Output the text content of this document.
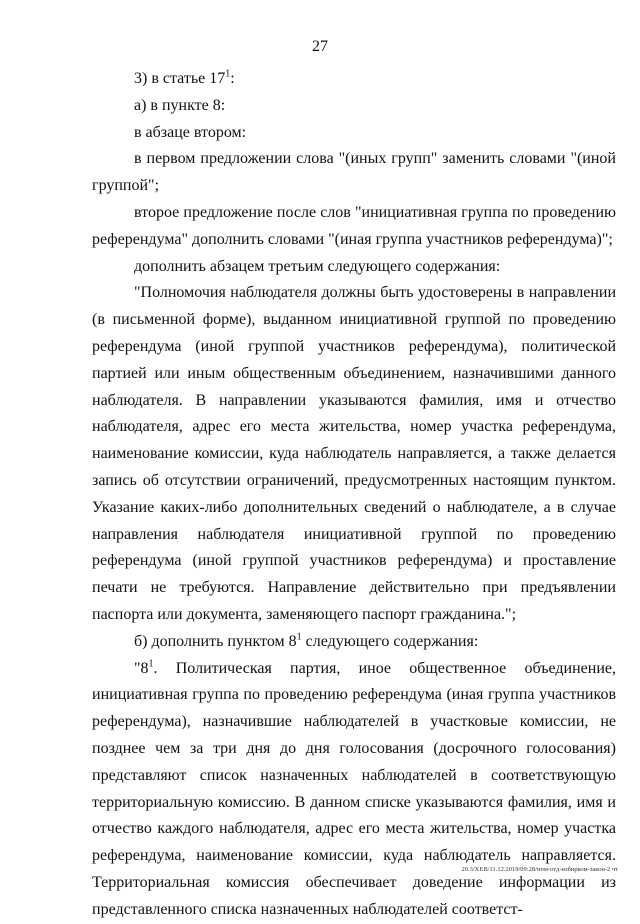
27

3) в статье $17^1$:

а) в пункте 8:

в абзаце втором:

в первом предложении слова "(иных групп" заменить словами "(иной группой";

второе предложение после слов "инициативная группа по проведению референдума" дополнить словами "(иная группа участников референдума)";

дополнить абзацем третьим следующего содержания:

"Полномочия наблюдателя должны быть удостоверены в направлении (в письменной форме), выданном инициативной группой по проведению референдума (иной группой участников референдума), политической партией или иным общественным объединением, назначившими данного наблюдателя. В направлении указываются фамилия, имя и отчество наблюдателя, адрес его места жительства, номер участка референдума, наименование комиссии, куда наблюдатель направляется, а также делается запись об отсутствии ограничений, предусмотренных настоящим пунктом. Указание каких-либо дополнительных сведений о наблюдателе, а в случае направления наблюдателя инициативной группой по проведению референдума (иной группой участников референдума) и проставление печати не требуются. Направление действительно при предъявлении паспорта или документа, заменяющего паспорт гражданина.";

б) дополнить пунктом $8^1$ следующего содержания:

"$8^1$. Политическая партия, иное общественное объединение, инициативная группа по проведению референдума (иная группа участников референдума), назначившие наблюдателей в участковые комиссии, не позднее чем за три дня до дня голосования (досрочного голосования) представляют список назначенных наблюдателей в соответствующую территориальную комиссию. В данном списке указываются фамилия, имя и отчество каждого наблюдателя, адрес его места жительства, номер участка референдума, наименование комиссии, куда наблюдатель направляется. Территориальная комиссия обеспечивает доведение информации из представленного списка назначенных наблюдателей соответст-

20.3/ХЕВ/11.12.2019/09:28/нпм-отд-избирком-закон-2 чт
